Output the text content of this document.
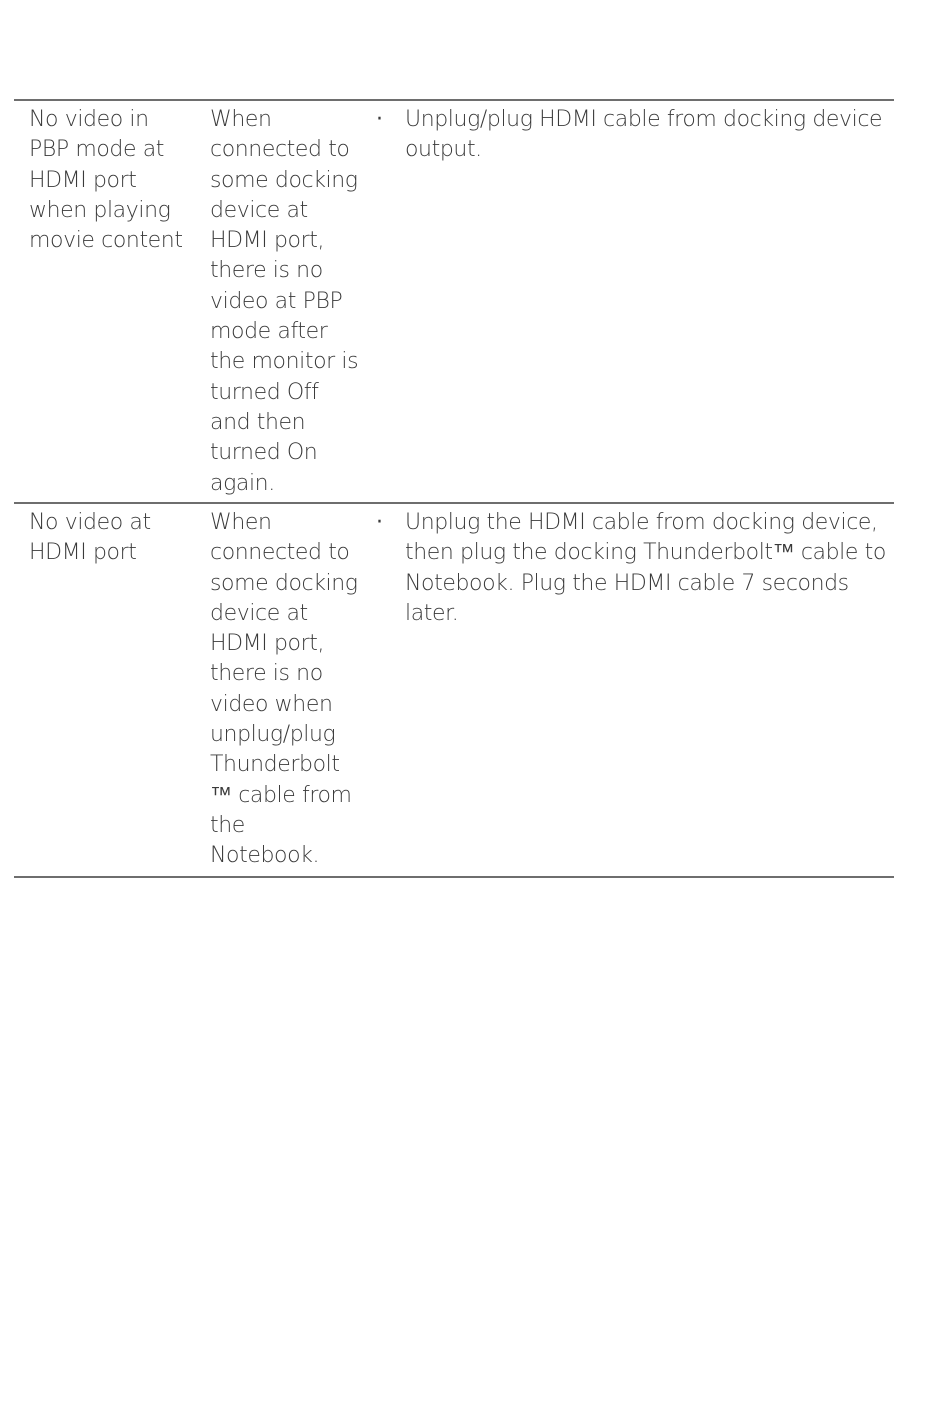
No video in
PBP mode at
HDMI port
when playing
movie content
When
connected to
some docking
device at
HDMI port,
there is no
video at PBP
mode after
the monitor is
turned Off
and then
turned On
again.
· Unplug/plug HDMI cable from docking device output.
No video at
HDMI port
When
connected to
some docking
device at
HDMI port,
there is no
video when
unplug/plug
Thunderbolt
™ cable from
the
Notebook.
· Unplug the HDMI cable from docking device, then plug the docking Thunderbolt™ cable to Notebook. Plug the HDMI cable 7 seconds later.
